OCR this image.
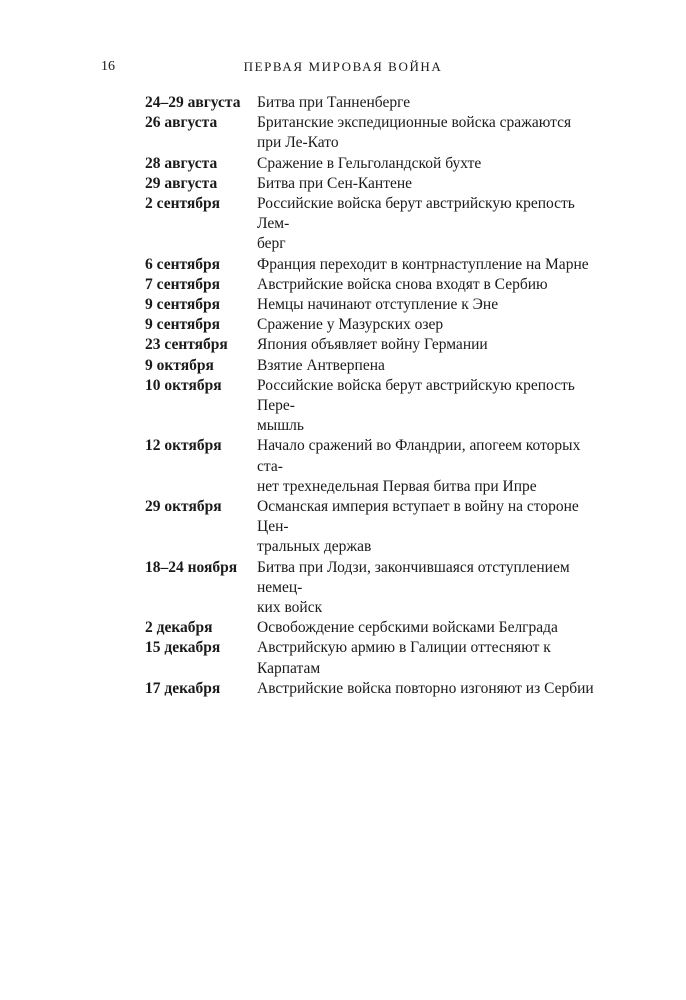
16	ПЕРВАЯ МИРОВАЯ ВОЙНА
24–29 августа	Битва при Танненберге
26 августа	Британские экспедиционные войска сражаются
при Ле-Като
28 августа	Сражение в Гельголандской бухте
29 августа	Битва при Сен-Кантене
2 сентября	Российские войска берут австрийскую крепость Лем-
берг
6 сентября	Франция переходит в контрнаступление на Марне
7 сентября	Австрийские войска снова входят в Сербию
9 сентября	Немцы начинают отступление к Эне
9 сентября	Сражение у Мазурских озер
23 сентября	Япония объявляет войну Германии
9 октября	Взятие Антверпена
10 октября	Российские войска берут австрийскую крепость Пере-
мышль
12 октября	Начало сражений во Фландрии, апогеем которых ста-
нет трехнедельная Первая битва при Ипре
29 октября	Османская империя вступает в войну на стороне Цен-
тральных держав
18–24 ноября	Битва при Лодзи, закончившаяся отступлением немец-
ких войск
2 декабря	Освобождение сербскими войсками Белграда
15 декабря	Австрийскую армию в Галиции оттесняют к Карпатам
17 декабря	Австрийские войска повторно изгоняют из Сербии
